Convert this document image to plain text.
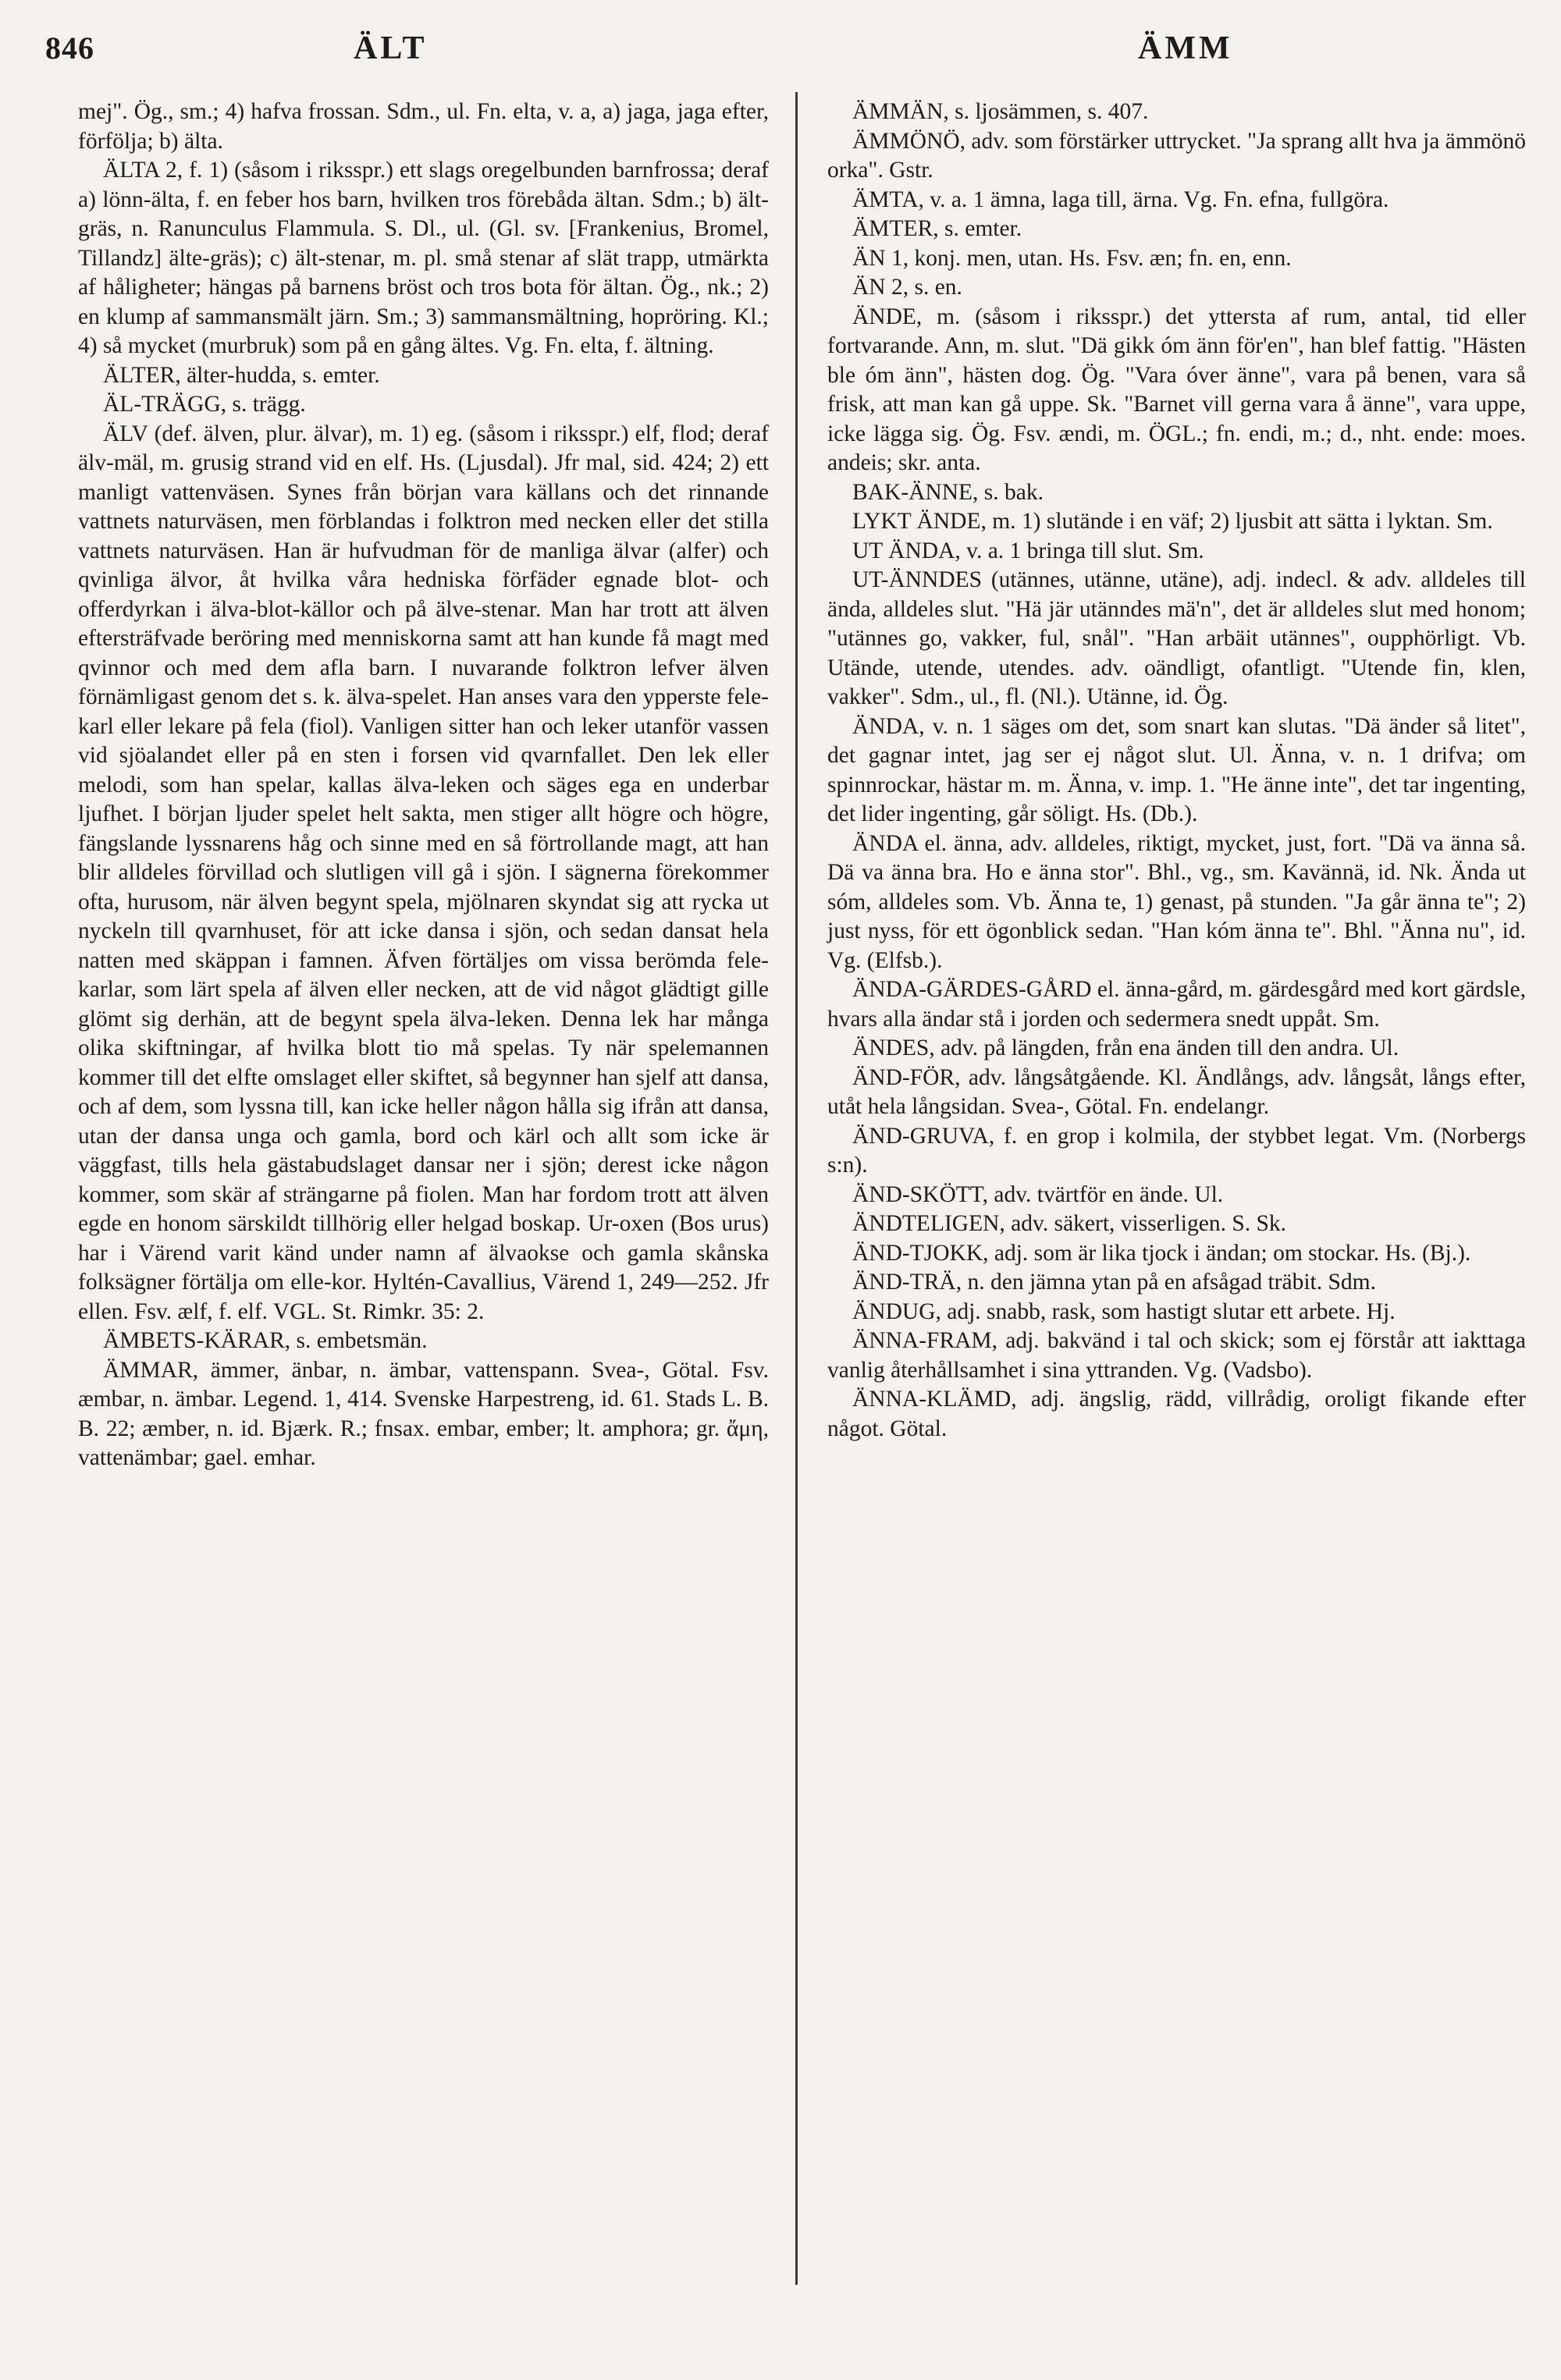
846	ÄLT	ÄMM

mej". Ög., sm.; 4) hafva frossan. Sdm., ul. Fn. elta, v. a, a) jaga, jaga efter, förfölja; b) älta.

ÄLTA 2, f. 1) (såsom i riksspr.) ett slags oregelbunden barnfrossa; deraf a) lönn-älta, f. en feber hos barn, hvilken tros förebåda ältan. Sdm.; b) ält-gräs, n. Ranunculus Flammula. S. Dl., ul. (Gl. sv. [Frankenius, Bromel, Tillandz] älte-gräs); c) ält-stenar, m. pl. små stenar af slät trapp, utmärkta af håligheter; hängas på barnens bröst och tros bota för ältan. Ög., nk.; 2) en klump af sammansmält järn. Sm.; 3) sammansmältning, hopröring. Kl.; 4) så mycket (murbruk) som på en gång ältes. Vg. Fn. elta, f. ältning.

ÄLTER, älter-hudda, s. emter.

ÄL-TRÄGG, s. trägg.

ÄLV (def. älven, plur. älvar), m. 1) eg. (såsom i riksspr.) elf, flod; deraf älv-mäl, m. grusig strand vid en elf. Hs. (Ljusdal). Jfr mal, sid. 424; 2) ett manligt vattenväsen. Synes från början vara källans och det rinnande vattnets naturväsen, men förblandas i folktron med necken eller det stilla vattnets naturväsen. Han är hufvudman för de manliga älvar (alfer) och qvinliga älvor, åt hvilka våra hedniska förfäder egnade blot- och offerdyrkan i älva-blot-källor och på älve-stenar. Man har trott att älven eftersträfvade beröring med menniskorna samt att han kunde få magt med qvinnor och med dem afla barn. I nuvarande folktron lefver älven förnämligast genom det s. k. älva-spelet. Han anses vara den ypperste fele-karl eller lekare på fela (fiol). Vanligen sitter han och leker utanför vassen vid sjöalandet eller på en sten i forsen vid qvarnfallet. Den lek eller melodi, som han spelar, kallas älva-leken och säges ega en underbar ljufhet. I början ljuder spelet helt sakta, men stiger allt högre och högre, fängslande lyssnarens håg och sinne med en så förtrollande magt, att han blir alldeles förvillad och slutligen vill gå i sjön. I sägnerna förekommer ofta, hurusom, när älven begynt spela, mjölnaren skyndat sig att rycka ut nyckeln till qvarnhuset, för att icke dansa i sjön, och sedan dansat hela natten med skäppan i famnen. Äfven förtäljes om vissa berömda fele-karlar, som lärt spela af älven eller necken, att de vid något glädtigt gille glömt sig derhän, att de begynt spela älva-leken. Denna lek har många olika skiftningar, af hvilka blott tio må spelas. Ty när spelemannen kommer till det elfte omslaget eller skiftet, så begynner han sjelf att dansa, och af dem, som lyssna till, kan icke heller någon hålla sig ifrån att dansa, utan der dansa unga och gamla, bord och kärl och allt som icke är väggfast, tills hela gästabudslaget dansar ner i sjön; derest icke någon kommer, som skär af strängarne på fiolen. Man har fordom trott att älven egde en honom särskildt tillhörig eller helgad boskap. Ur-oxen (Bos urus) har i Värend varit känd under namn af älvaokse och gamla skånska folksägner förtälja om elle-kor. Hyltén-Cavallius, Värend 1, 249—252. Jfr ellen. Fsv. ælf, f. elf. VGL. St. Rimkr. 35: 2.

ÄMBETS-KÄRAR, s. embetsmän.

ÄMMAR, ämmer, änbar, n. ämbar, vattenspann. Svea-, Götal. Fsv. æmbar, n. ämbar. Legend. 1, 414. Svenske Harpestreng, id. 61. Stads L. B. B. 22; æmber, n. id. Bjærk. R.; fnsax. embar, ember; lt. amphora; gr. ἄμη, vattenämbar; gael. emhar.

ÄMMÄN, s. ljosämmen, s. 407.

ÄMMÖNÖ, adv. som förstärker uttrycket. "Ja sprang allt hva ja ämmönö orka". Gstr.

ÄMTA, v. a. 1 ämna, laga till, ärna. Vg. Fn. efna, fullgöra.

ÄMTER, s. emter.

ÄN 1, konj. men, utan. Hs. Fsv. æn; fn. en, enn.

ÄN 2, s. en.

ÄNDE, m. (såsom i riksspr.) det yttersta af rum, antal, tid eller fortvarande. Ann, m. slut. "Dä gikk óm änn för'en", han blef fattig. "Hästen ble óm änn", hästen dog. Ög. "Vara óver änne", vara på benen, vara så frisk, att man kan gå uppe. Sk. "Barnet vill gerna vara å änne", vara uppe, icke lägga sig. Ög. Fsv. ændi, m. ÖGL.; fn. endi, m.; d., nht. ende: moes. andeis; skr. anta.

BAK-ÄNNE, s. bak.

LYKT ÄNDE, m. 1) slutände i en väf; 2) ljusbit att sätta i lyktan. Sm.

UT ÄNDA, v. a. 1 bringa till slut. Sm.

UT-ÄNNDES (utännes, utänne, utäne), adj. indecl. & adv. alldeles till ända, alldeles slut. "Hä jär utänndes mä'n", det är alldeles slut med honom; "utännes go, vakker, ful, snål". "Han arbäit utännes", oupphörligt. Vb. Utände, utende, utendes. adv. oändligt, ofantligt. "Utende fin, klen, vakker". Sdm., ul., fl. (Nl.). Utänne, id. Ög.

ÄNDA, v. n. 1 säges om det, som snart kan slutas. "Dä änder så litet", det gagnar intet, jag ser ej något slut. Ul. Änna, v. n. 1 drifva; om spinnrockar, hästar m. m. Änna, v. imp. 1. "He änne inte", det tar ingenting, det lider ingenting, går söligt. Hs. (Db.).

ÄNDA el. änna, adv. alldeles, riktigt, mycket, just, fort. "Dä va änna så. Dä va änna bra. Ho e änna stor". Bhl., vg., sm. Kavännä, id. Nk. Ända ut sóm, alldeles som. Vb. Änna te, 1) genast, på stunden. "Ja går änna te"; 2) just nyss, för ett ögonblick sedan. "Han kóm änna te". Bhl. "Änna nu", id. Vg. (Elfsb.).

ÄNDA-GÄRDES-GÅRD el. änna-gård, m. gärdesgård med kort gärdsle, hvars alla ändar stå i jorden och sedermera snedt uppåt. Sm.

ÄNDES, adv. på längden, från ena änden till den andra. Ul.

ÄND-FÖR, adv. långsåtgående. Kl. Ändlångs, adv. långsåt, långs efter, utåt hela långsidan. Svea-, Götal. Fn. endelangr.

ÄND-GRUVA, f. en grop i kolmila, der stybbet legat. Vm. (Norbergs s:n).

ÄND-SKÖTT, adv. tvärtför en ände. Ul.

ÄNDTELIGEN, adv. säkert, visserligen. S. Sk.

ÄND-TJOKK, adj. som är lika tjock i ändan; om stockar. Hs. (Bj.).

ÄND-TRÄ, n. den jämna ytan på en afsågad träbit. Sdm.

ÄNDUG, adj. snabb, rask, som hastigt slutar ett arbete. Hj.

ÄNNA-FRAM, adj. bakvänd i tal och skick; som ej förstår att iakttaga vanlig återhållsamhet i sina yttranden. Vg. (Vadsbo).

ÄNNA-KLÄMD, adj. ängslig, rädd, villrådig, oroligt fikande efter något. Götal.
